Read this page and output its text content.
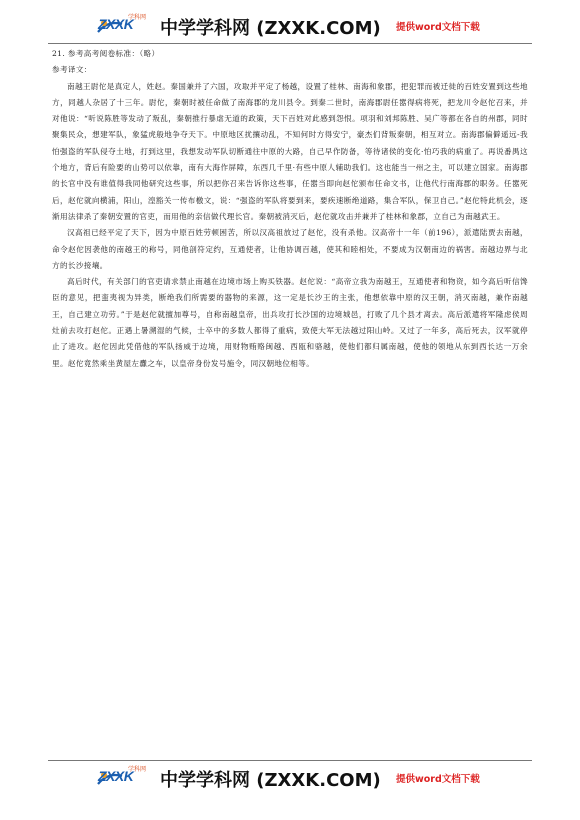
ZXXK
学科网 中学学科网 (ZXXK.COM) 提供word文档下载

21. 参考高考阅卷标准：（略）

参考译文：

南越王尉佗是真定人，姓赵。秦国兼并了六国，攻取并平定了杨越，设置了桂林、南海和象郡，把犯罪而被迁徙的百姓安置到这些地方，同越人杂居了十三年。尉佗，秦朝时被任命做了南海郡的龙川县令。到秦二世时，南海郡尉任嚣得病将死，把龙川令赵佗召来，并对他说：“听说陈胜等发动了叛乱，秦朝推行暴虐无道的政策，天下百姓对此感到怨恨。项羽和刘邦陈胜、吴广等都在各自的州郡，同时聚集民众，想建军队，象猛虎般地争夺天下。中原地区扰攘动乱，不知何时方得安宁，豪杰们背叛秦朝，相互对立。南海郡偏僻遥远-我怕强盗的军队侵夺土地，打到这里，我想发动军队切断通往中原的大路，自己早作防备，等待诸侯的变化·怕巧我的病重了。再说番禺这个地方，背后有险要的山势可以依靠，南有大海作屏障，东西几千里·有些中原人辅助我们。这也能当一州之主，可以建立国家。南海郡的长官中没有谁值得我同他研究这些事，所以把你召来告诉你这些事，任嚣当即向赵佗颁布任命文书，让他代行南海郡的职务。任嚣死后，赵佗就向横浦，阳山，湟豁关一传布檄文，说：“强盗的军队将要到来，要疾速断绝道路，集合军队，保卫自己。”赵佗特此机会，逐渐用法律杀了秦朝安置的官吏，而用他的亲信做代理长官。秦朝被消灭后，赵佗就攻击并兼并了桂林和象郡，立自己为南越武王。

汉高祖已经平定了天下，因为中原百姓劳顿困苦，所以汉高祖放过了赵佗，没有杀他。汉高帝十一年（前196），派遣陆贾去南越，命令赵佗因袭他的南越王的称号，同他剖符定约，互通使者，让他协调百越，使其和睦相处，不要成为汉朝南边的祸害。南越边界与北方的长沙接壤。

高后时代，有关部门的官吏请求禁止南越在边境市场上购买铁器。赵佗说：“高帝立我为南越王，互通使者和物资，如今高后听信馋臣的意见，把蛮夷视为异类，断绝我们所需要的器物的来源，这一定是长沙王的主张，他想依靠中原的汉王朝，消灭南越，兼作南越王，自己建立功劳。”于是赵佗就擅加尊号，自称南越皇帝，出兵攻打长沙国的边境城邑，打败了几个县才离去。高后派遣将军隆虑侯周灶前去攻打赵佗。正遇上暑溯湿的气候，士卒中的多数人都得了重病，致使大军无法越过阳山岭。又过了一年多，高后死去，汉军就停止了进攻。赵佗因此凭借他的军队扬威于边境，用财物贿赂闽越、西瓯和骆越，使他们都归属南越，使他的领地从东到西长达一万余里。赵佗竟然乘坐黄屋左纛之车，以皇帝身份发号施令，同汉朝地位相等。

ZXXK
学科网 中学学科网 (ZXXK.COM) 提供word文档下载
